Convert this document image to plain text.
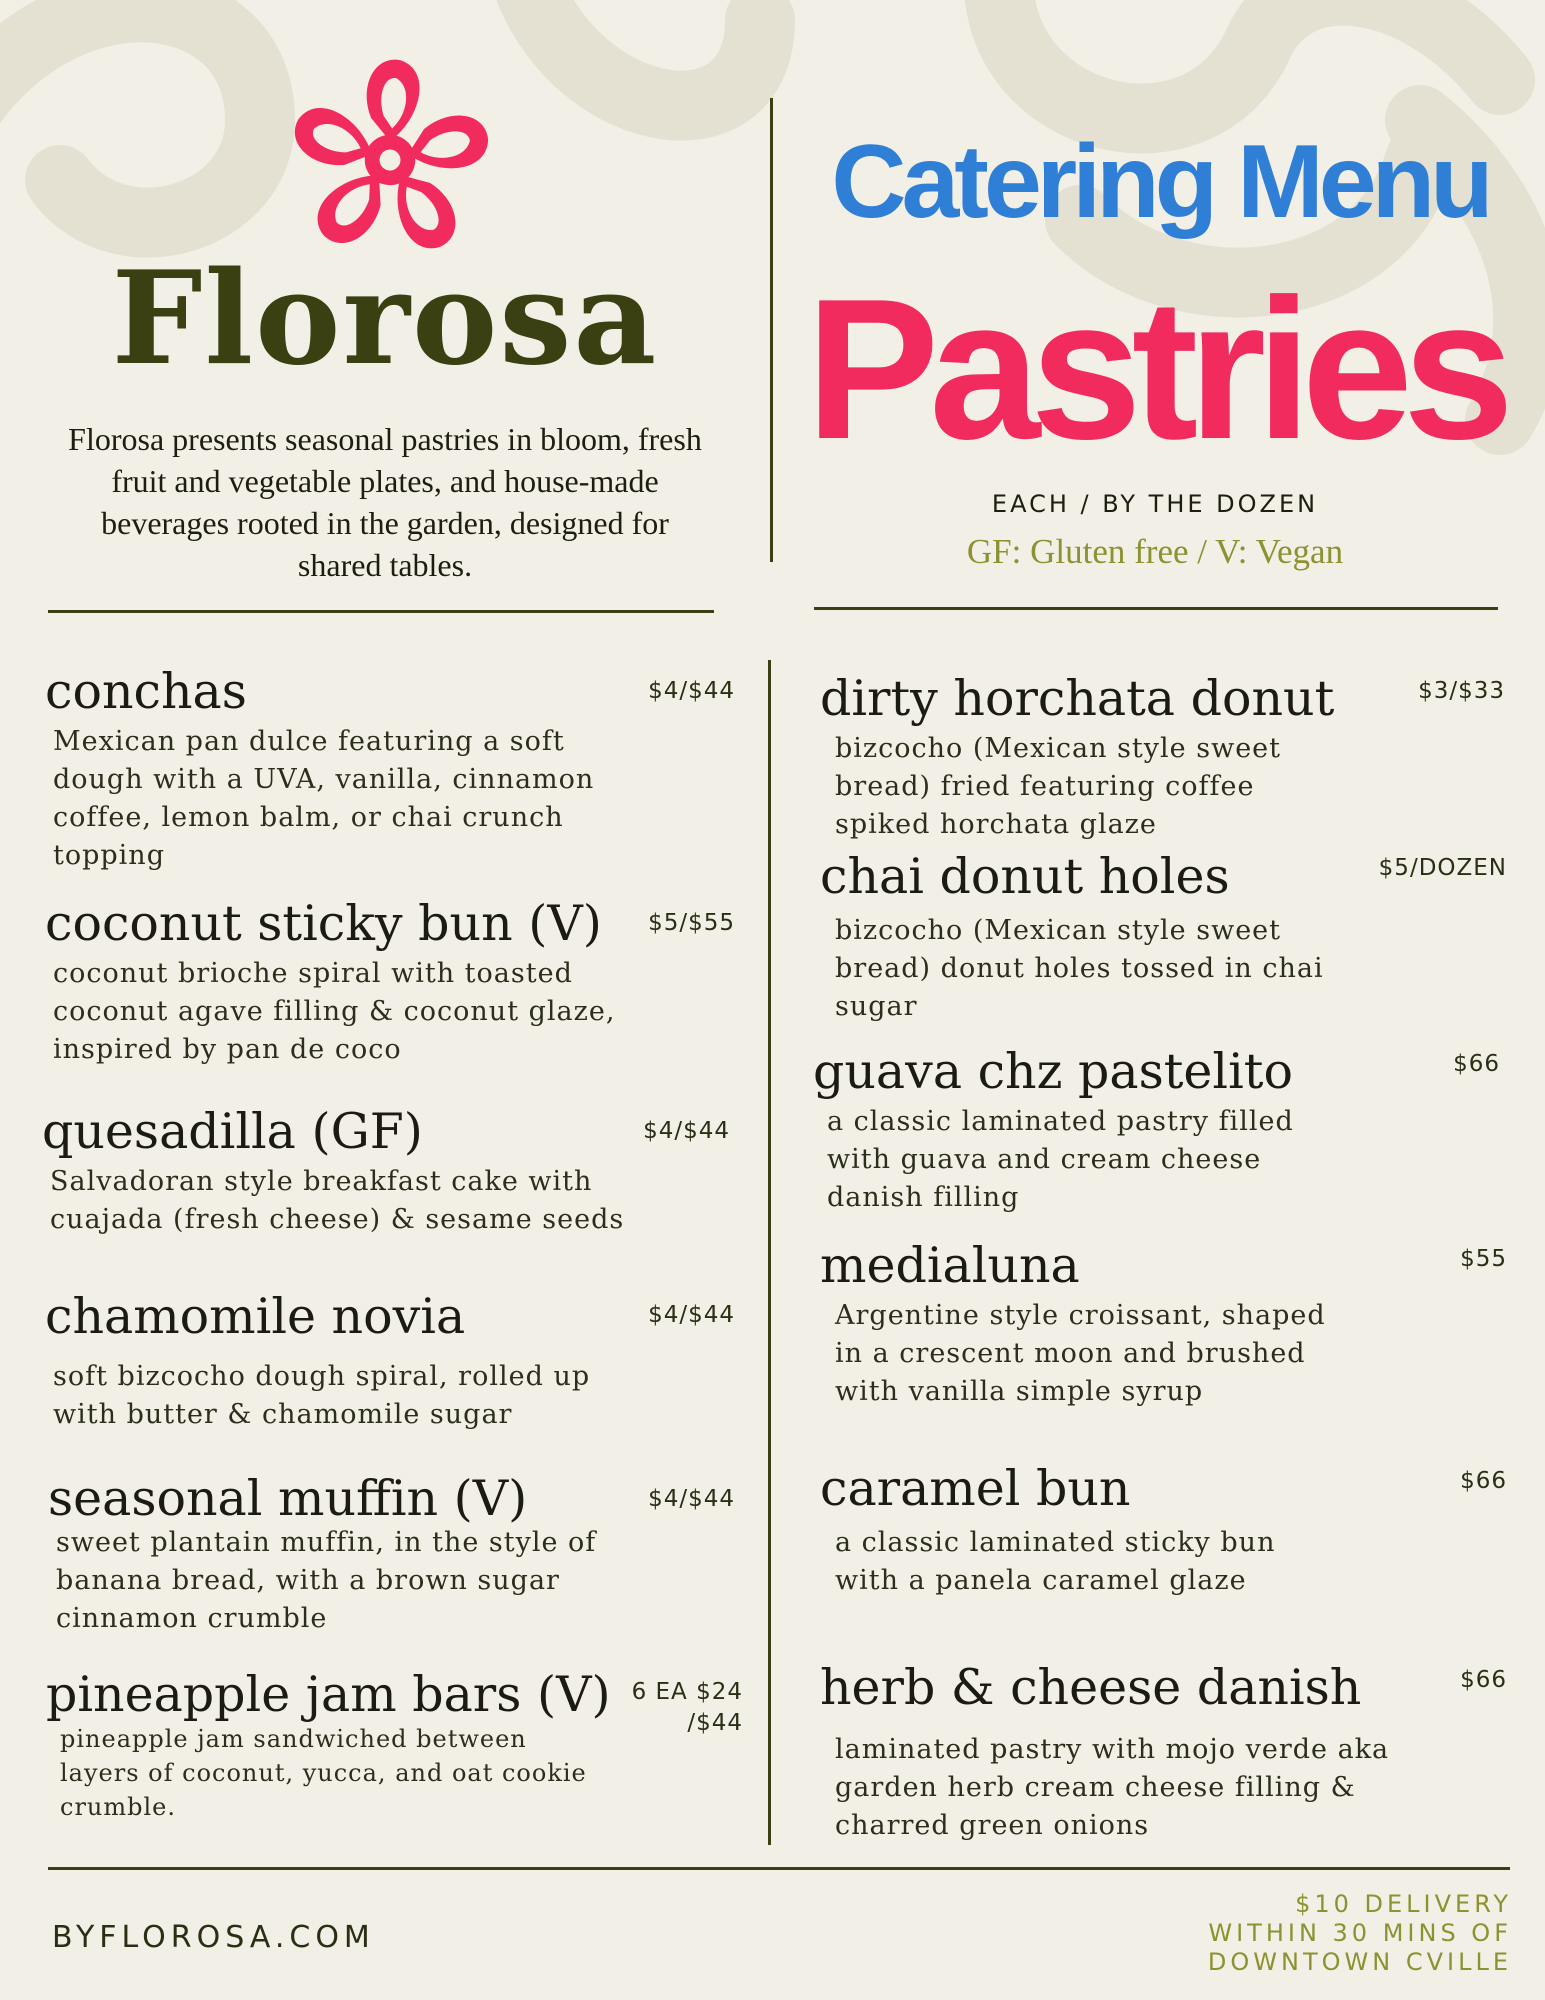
Florosa
Florosa presents seasonal pastries in bloom, fresh fruit and vegetable plates, and house-made beverages rooted in the garden, designed for shared tables.
Catering Menu
Pastries
EACH / BY THE DOZEN
GF: Gluten free / V: Vegan
conchas
Mexican pan dulce featuring a soft dough with a UVA, vanilla, cinnamon coffee, lemon balm, or chai crunch topping
$4/$44
coconut sticky bun (V)
coconut brioche spiral with toasted coconut agave filling & coconut glaze, inspired by pan de coco
$5/$55
quesadilla (GF)
Salvadoran style breakfast cake with cuajada (fresh cheese) & sesame seeds
$4/$44
chamomile novia
soft bizcocho dough spiral, rolled up with butter & chamomile sugar
$4/$44
seasonal muffin (V)
sweet plantain muffin, in the style of banana bread, with a brown sugar cinnamon crumble
$4/$44
pineapple jam bars (V)
pineapple jam sandwiched between layers of coconut, yucca, and oat cookie crumble.
6 EA $24
/$44
dirty horchata donut
bizcocho (Mexican style sweet bread) fried featuring coffee spiked horchata glaze
$3/$33
chai donut holes
bizcocho (Mexican style sweet bread) donut holes tossed in chai sugar
$5/DOZEN
guava chz pastelito
a classic laminated pastry filled with guava and cream cheese danish filling
$66
medialuna
Argentine style croissant, shaped in a crescent moon and brushed with vanilla simple syrup
$55
caramel bun
a classic laminated sticky bun with a panela caramel glaze
$66
herb & cheese danish
laminated pastry with mojo verde aka garden herb cream cheese filling & charred green onions
$66
BYFLOROSA.COM
$10 DELIVERY
WITHIN 30 MINS OF
DOWNTOWN CVILLE
